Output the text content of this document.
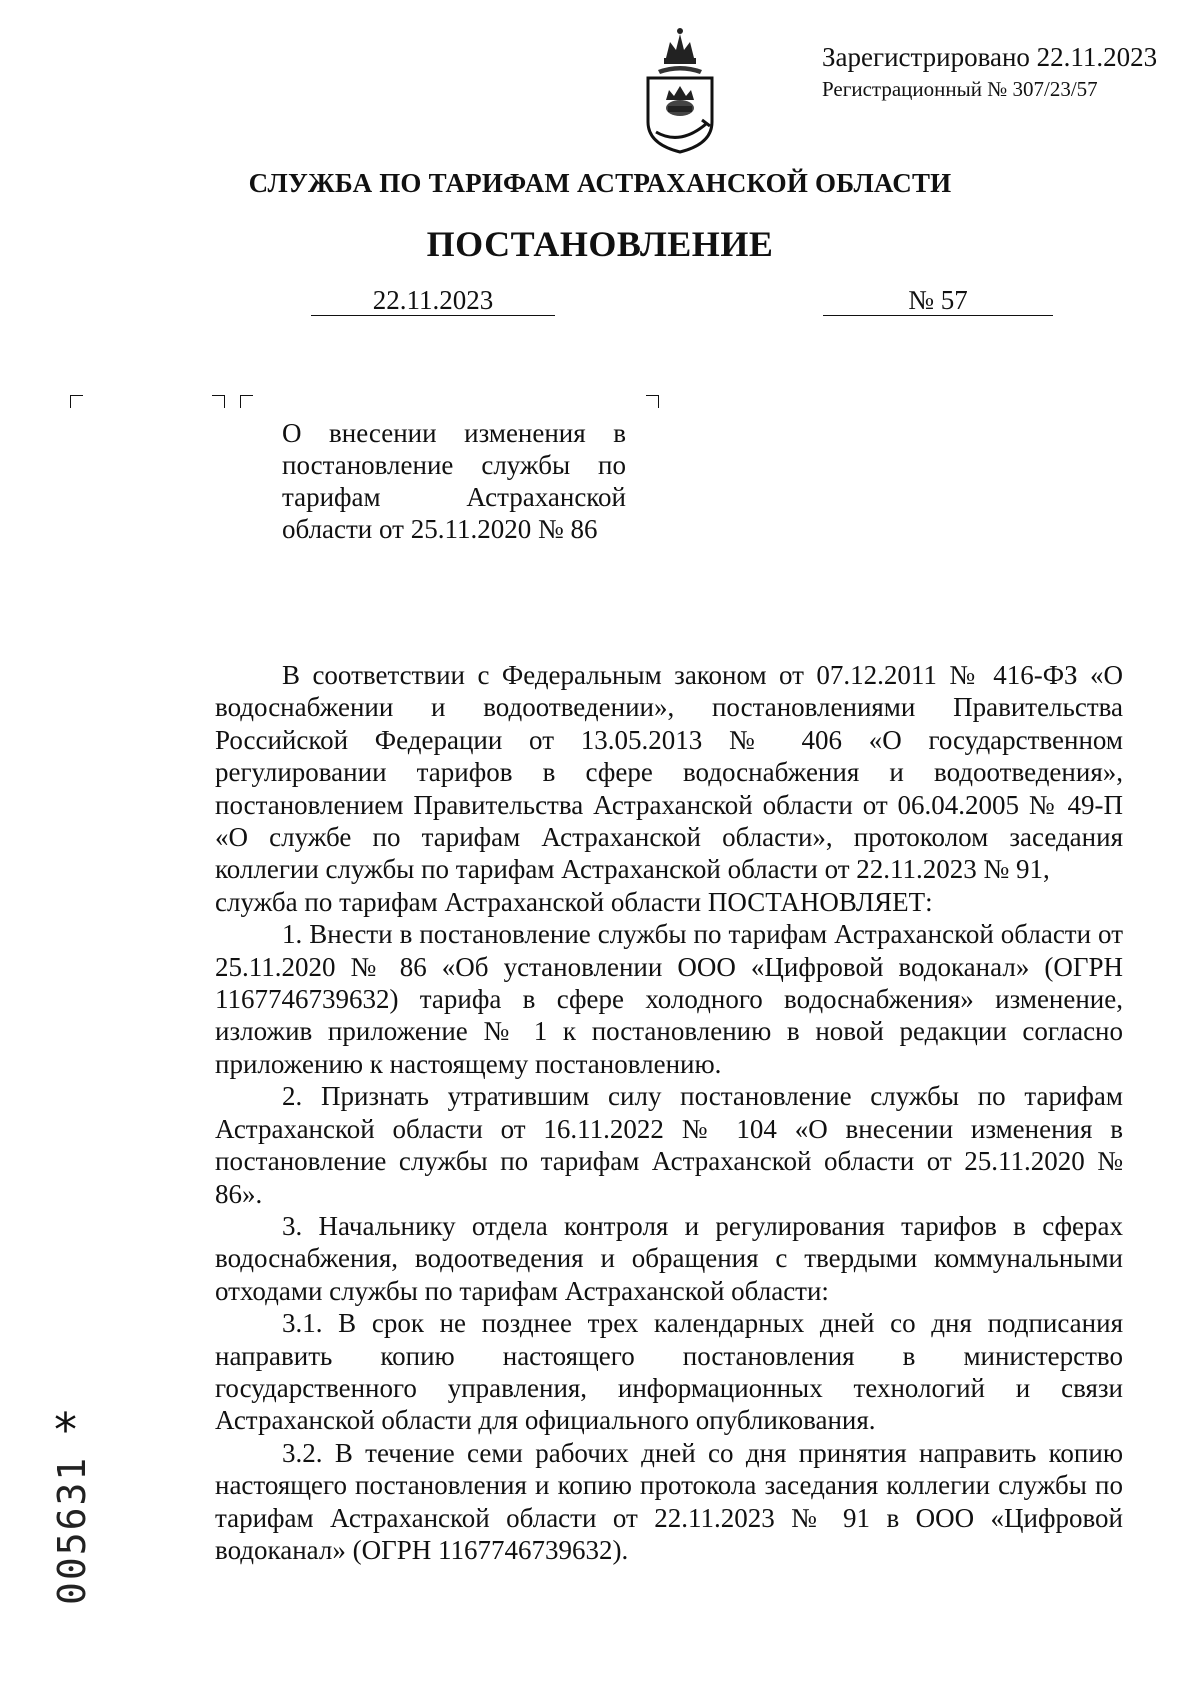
Зарегистрировано 22.11.2023
Регистрационный № 307/23/57
СЛУЖБА ПО ТАРИФАМ АСТРАХАНСКОЙ ОБЛАСТИ
ПОСТАНОВЛЕНИЕ
22.11.2023	№ 57
О внесении изменения в
постановление службы по
тарифам Астраханской
области от 25.11.2020 № 86

В соответствии с Федеральным законом от 07.12.2011 № 416-ФЗ «О водоснабжении и водоотведении», постановлениями Правительства Российской Федерации от 13.05.2013 № 406 «О государственном регулировании тарифов в сфере водоснабжения и водоотведения», постановлением Правительства Астраханской области от 06.04.2005 № 49-П «О службе по тарифам Астраханской области», протоколом заседания коллегии службы по тарифам Астраханской области от 22.11.2023 № 91,

служба по тарифам Астраханской области ПОСТАНОВЛЯЕТ:

1. Внести в постановление службы по тарифам Астраханской области от 25.11.2020 № 86 «Об установлении ООО «Цифровой водоканал» (ОГРН 1167746739632) тарифа в сфере холодного водоснабжения» изменение, изложив приложение № 1 к постановлению в новой редакции согласно приложению к настоящему постановлению.

2. Признать утратившим силу постановление службы по тарифам Астраханской области от 16.11.2022 № 104 «О внесении изменения в постановление службы по тарифам Астраханской области от 25.11.2020 № 86».

3. Начальнику отдела контроля и регулирования тарифов в сферах водоснабжения, водоотведения и обращения с твердыми коммунальными отходами службы по тарифам Астраханской области:

3.1. В срок не позднее трех календарных дней со дня подписания направить копию настоящего постановления в министерство государственного управления, информационных технологий и связи Астраханской области для официального опубликования.

3.2. В течение семи рабочих дней со дня принятия направить копию настоящего постановления и копию протокола заседания коллегии службы по тарифам Астраханской области от 22.11.2023 № 91 в ООО «Цифровой водоканал» (ОГРН 1167746739632).

*
005631
